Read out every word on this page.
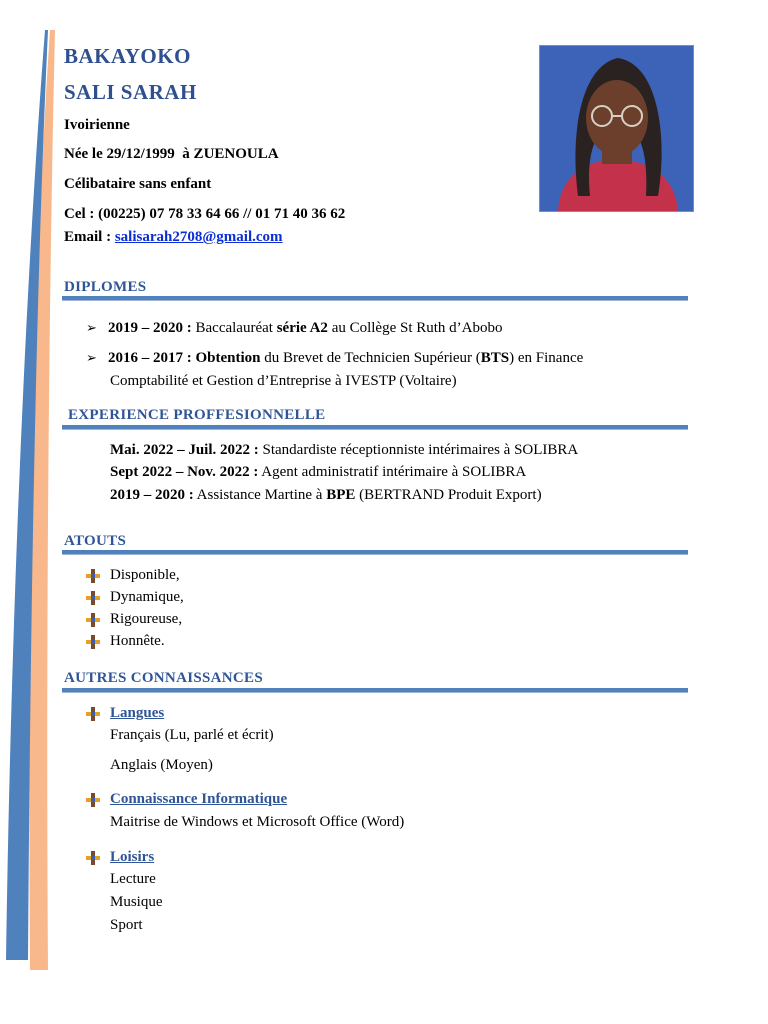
BAKAYOKO
SALI SARAH
Ivoirienne
Née le 29/12/1999  à ZUENOULA
Célibataire sans enfant
Cel : (00225) 07 78 33 64 66 // 01 71 40 36 62
Email : salisarah2708@gmail.com
DIPLOMES
➢ 2019 – 2020 : Baccalauréat série A2 au Collège St Ruth d’Abobo
➢ 2016 – 2017 : Obtention du Brevet de Technicien Supérieur (BTS) en Finance
Comptabilité et Gestion d’Entreprise à IVESTP (Voltaire)
EXPERIENCE PROFFESIONNELLE
Mai. 2022 – Juil. 2022 : Standardiste réceptionniste intérimaires à SOLIBRA
Sept 2022 – Nov. 2022 : Agent administratif intérimaire à SOLIBRA
2019 – 2020 : Assistance Martine à BPE (BERTRAND Produit Export)
ATOUTS
Disponible,
Dynamique,
Rigoureuse,
Honnête.
AUTRES CONNAISSANCES
Langues
Français (Lu, parlé et écrit)
Anglais (Moyen)
Connaissance Informatique
Maitrise de Windows et Microsoft Office (Word)
Loisirs
Lecture
Musique
Sport
